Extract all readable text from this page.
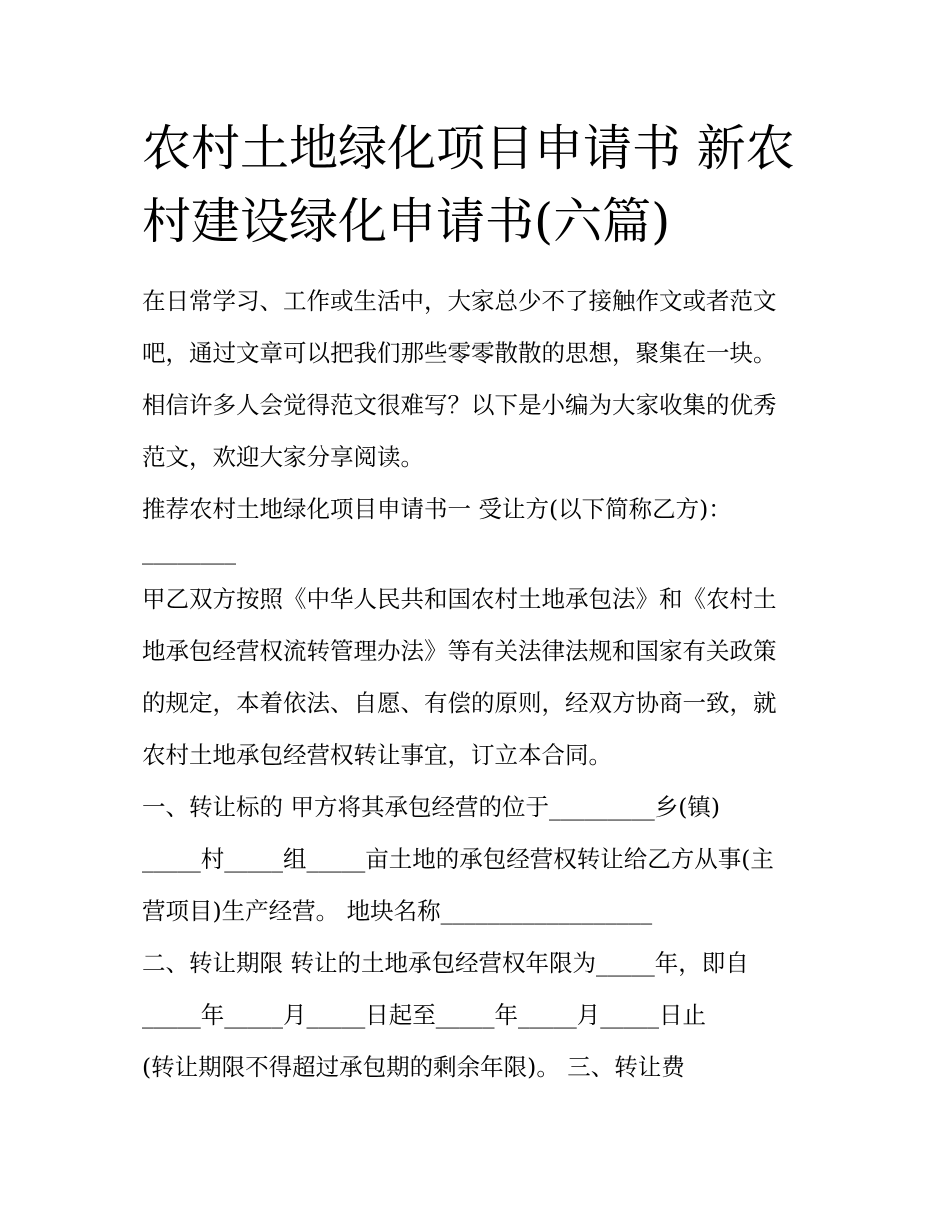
农村土地绿化项目申请书 新农
村建设绿化申请书(六篇)

在日常学习、工作或生活中，大家总少不了接触作文或者范文

吧，通过文章可以把我们那些零零散散的思想，聚集在一块。

相信许多人会觉得范文很难写？以下是小编为大家收集的优秀

范文，欢迎大家分享阅读。

推荐农村土地绿化项目申请书一 受让方(以下简称乙方)：

________

甲乙双方按照《中华人民共和国农村土地承包法》和《农村土

地承包经营权流转管理办法》等有关法律法规和国家有关政策

的规定，本着依法、自愿、有偿的原则，经双方协商一致，就

农村土地承包经营权转让事宜，订立本合同。

一、转让标的 甲方将其承包经营的位于_________乡(镇)

_____村_____组_____亩土地的承包经营权转让给乙方从事(主

营项目)生产经营。 地块名称__________________

二、转让期限 转让的土地承包经营权年限为_____年，即自

_____年_____月_____日起至_____年_____月_____日止

(转让期限不得超过承包期的剩余年限)。 三、转让费
